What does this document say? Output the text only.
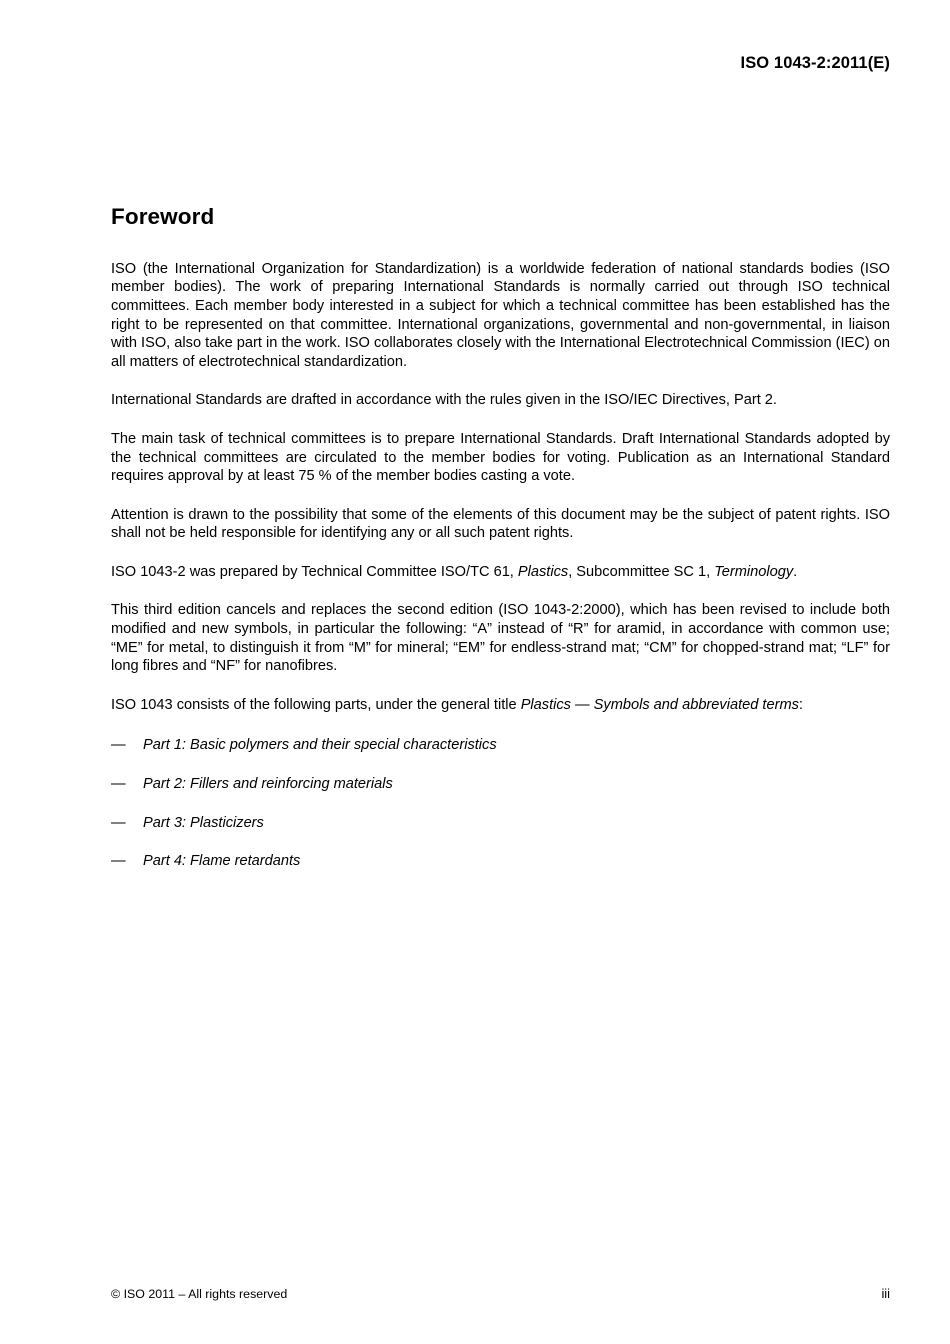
ISO 1043-2:2011(E)
Foreword

ISO (the International Organization for Standardization) is a worldwide federation of national standards bodies (ISO member bodies). The work of preparing International Standards is normally carried out through ISO technical committees. Each member body interested in a subject for which a technical committee has been established has the right to be represented on that committee. International organizations, governmental and non-governmental, in liaison with ISO, also take part in the work. ISO collaborates closely with the International Electrotechnical Commission (IEC) on all matters of electrotechnical standardization.

International Standards are drafted in accordance with the rules given in the ISO/IEC Directives, Part 2.

The main task of technical committees is to prepare International Standards. Draft International Standards adopted by the technical committees are circulated to the member bodies for voting. Publication as an International Standard requires approval by at least 75 % of the member bodies casting a vote.

Attention is drawn to the possibility that some of the elements of this document may be the subject of patent rights. ISO shall not be held responsible for identifying any or all such patent rights.

ISO 1043-2 was prepared by Technical Committee ISO/TC 61, Plastics, Subcommittee SC 1, Terminology.

This third edition cancels and replaces the second edition (ISO 1043-2:2000), which has been revised to include both modified and new symbols, in particular the following: “A” instead of “R” for aramid, in accordance with common use; “ME” for metal, to distinguish it from “M” for mineral; “EM” for endless-strand mat; “CM” for chopped-strand mat; “LF” for long fibres and “NF” for nanofibres.

ISO 1043 consists of the following parts, under the general title Plastics — Symbols and abbreviated terms:

— Part 1: Basic polymers and their special characteristics
— Part 2: Fillers and reinforcing materials
— Part 3: Plasticizers
— Part 4: Flame retardants
© ISO 2011 – All rights reserved	iii
